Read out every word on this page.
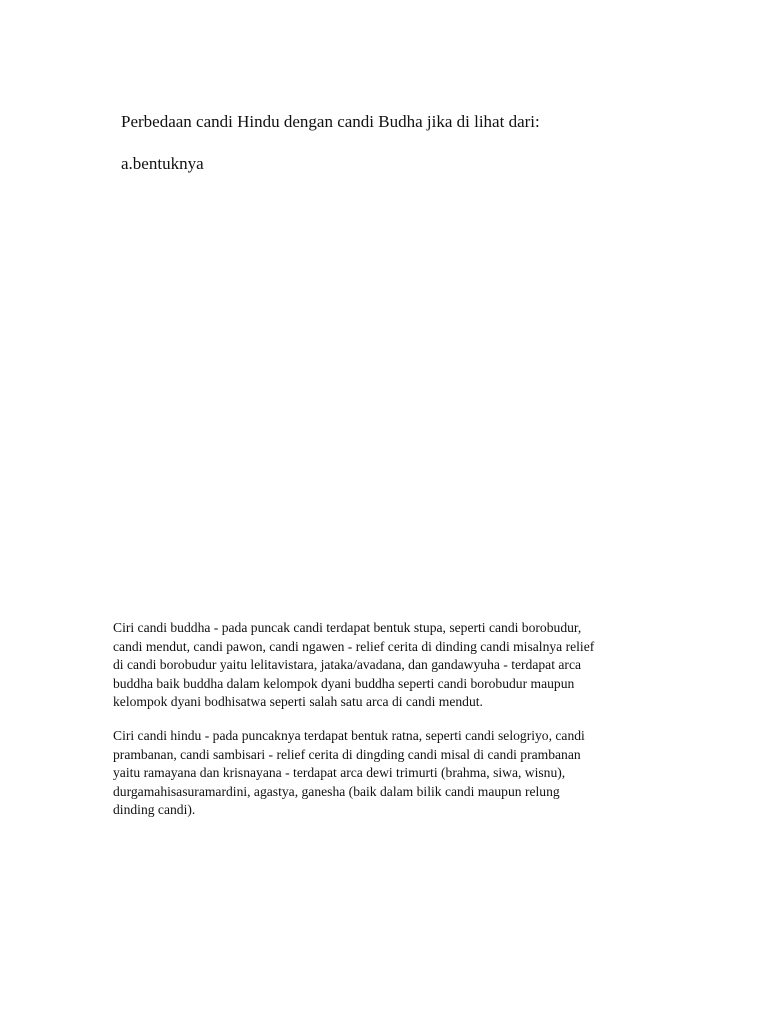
Perbedaan candi Hindu dengan candi Budha jika di lihat dari:
a.bentuknya

Ciri candi buddha - pada puncak candi terdapat bentuk stupa, seperti candi borobudur,
candi mendut, candi pawon, candi ngawen - relief cerita di dinding candi misalnya relief
di candi borobudur yaitu lelitavistara, jataka/avadana, dan gandawyuha - terdapat arca
buddha baik buddha dalam kelompok dyani buddha seperti candi borobudur maupun
kelompok dyani bodhisatwa seperti salah satu arca di candi mendut.

Ciri candi hindu - pada puncaknya terdapat bentuk ratna, seperti candi selogriyo, candi
prambanan, candi sambisari - relief cerita di dingding candi misal di candi prambanan
yaitu ramayana dan krisnayana - terdapat arca dewi trimurti (brahma, siwa, wisnu),
durgamahisasuramardini, agastya, ganesha (baik dalam bilik candi maupun relung
dinding candi).
